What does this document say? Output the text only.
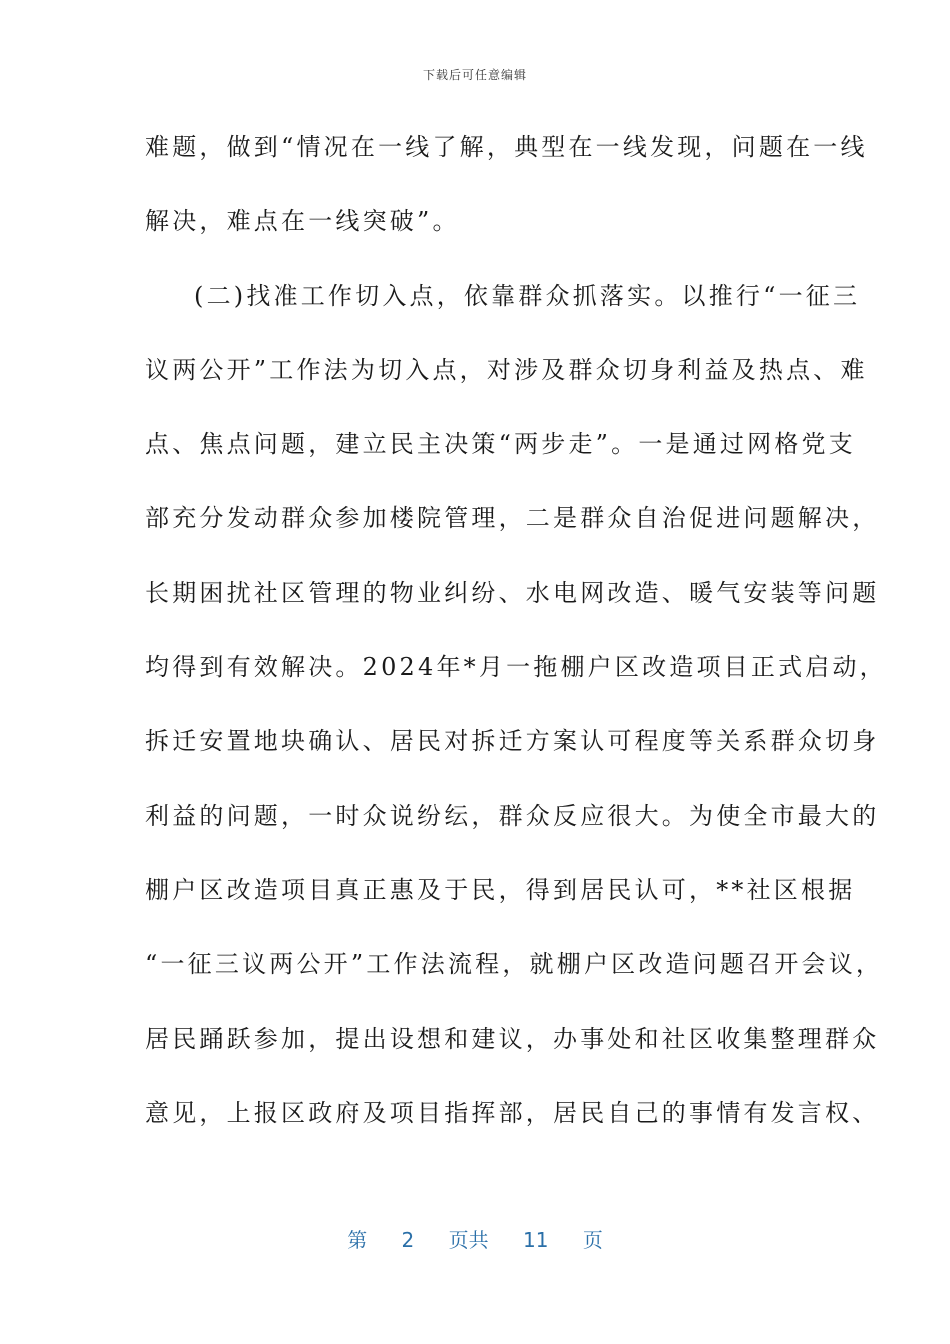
下载后可任意编辑
难题，做到“情况在一线了解，典型在一线发现，问题在一线
解决，难点在一线突破”。
(二)找准工作切入点，依靠群众抓落实。以推行“一征三
议两公开”工作法为切入点，对涉及群众切身利益及热点、难
点、焦点问题，建立民主决策“两步走”。一是通过网格党支
部充分发动群众参加楼院管理，二是群众自治促进问题解决，
长期困扰社区管理的物业纠纷、水电网改造、暖气安装等问题
均得到有效解决。2024年*月一拖棚户区改造项目正式启动，
拆迁安置地块确认、居民对拆迁方案认可程度等关系群众切身
利益的问题，一时众说纷纭，群众反应很大。为使全市最大的
棚户区改造项目真正惠及于民，得到居民认可，**社区根据
“一征三议两公开”工作法流程，就棚户区改造问题召开会议，
居民踊跃参加，提出设想和建议，办事处和社区收集整理群众
意见，上报区政府及项目指挥部，居民自己的事情有发言权、
第 2 页共 11 页
